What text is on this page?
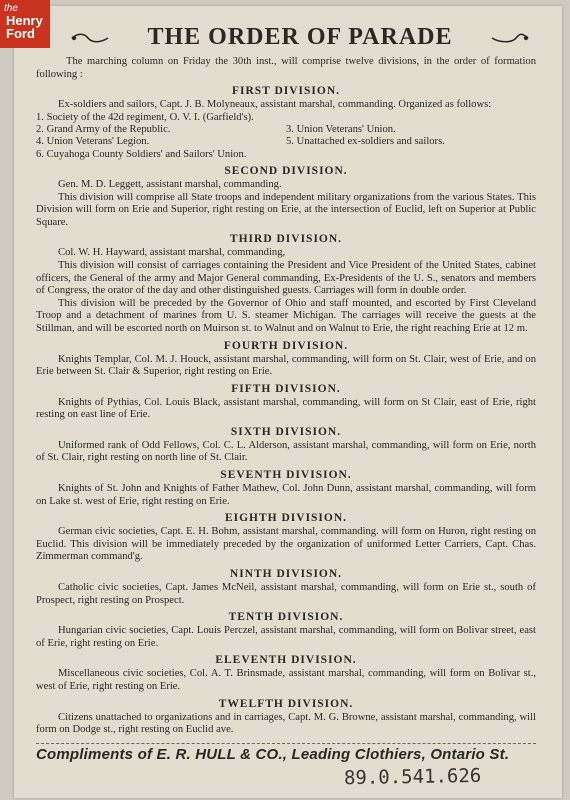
the
Henry Ford	THE ORDER OF PARADE

The marching column on Friday the 30th inst., will comprise twelve divisions, in the order of formation following :

FIRST DIVISION.

Ex-soldiers and sailors, Capt. J. B. Molyneaux, assistant marshal, commanding. Organized as follows:

1. Society of the 42d regiment, O. V. I. (Garfield's).
2. Grand Army of the Republic.	3. Union Veterans' Union.
4. Union Veterans' Legion.	5. Unattached ex-soldiers and sailors.
6. Cuyahoga County Soldiers' and Sailors' Union.
SECOND DIVISION.

Gen. M. D. Leggett, assistant marshal, commanding.

This division will comprise all State troops and independent military organizations from the various States. This Division will form on Erie and Superior, right resting on Erie, at the intersection of Euclid, left on Superior at Public Square.

THIRD DIVISION.

Col. W. H. Hayward, assistant marshal, commanding,

This division will consist of carriages containing the President and Vice President of the United States, cabinet officers, the General of the army and Major General commanding, Ex-Presidents of the U. S., senators and members of Congress, the orator of the day and other distinguished guests. Carriages will form in double order.

This division will be preceded by the Governor of Ohio and staff mounted, and escorted by First Cleveland Troop and a detachment of marines from U. S. steamer Michigan. The carriages will receive the guests at the Stillman, and will be escorted north on Muirson st. to Walnut and on Walnut to Erie, the right reaching Erie at 12 m.

FOURTH DIVISION.

Knights Templar, Col. M. J. Houck, assistant marshal, commanding, will form on St. Clair, west of Erie, and on Erie between St. Clair & Superior, right resting on Erie.

FIFTH DIVISION.

Knights of Pythias, Col. Louis Black, assistant marshal, commanding, will form on St Clair, east of Erie, right resting on east line of Erie.

SIXTH DIVISION.

Uniformed rank of Odd Fellows, Col. C. L. Alderson, assistant marshal, commanding, will form on Erie, north of St. Clair, right resting on north line of St. Clair.

SEVENTH DIVISION.

Knights of St. John and Knights of Father Mathew, Col. John Dunn, assistant marshal, commanding, will form on Lake st. west of Erie, right resting on Erie.

EIGHTH DIVISION.

German civic societies, Capt. E. H. Bohm, assistant marshal, commanding. will form on Huron, right resting on Euclid. This division will be immediately preceded by the organization of uniformed Letter Carriers, Capt. Chas. Zimmerman command'g.

NINTH DIVISION.

Catholic civic societies, Capt. James McNeil, assistant marshal, commanding, will form on Erie st., south of Prospect, right resting on Prospect.

TENTH DIVISION.

Hungarian civic societies, Capt. Louis Perczel, assistant marshal, commanding, will form on Bolivar street, east of Erie, right resting on Erie.

ELEVENTH DIVISION.

Miscellaneous civic societies, Col. A. T. Brinsmade, assistant marshal, commanding, will form on Bolivar st., west of Erie, right resting on Erie.

TWELFTH DIVISION.

Citizens unattached to organizations and in carriages, Capt. M. G. Browne, assistant marshal, commanding, will form on Dodge st., right resting on Euclid ave.

Compliments of E. R. HULL & CO., Leading Clothiers, Ontario St.
89.0.541.626
